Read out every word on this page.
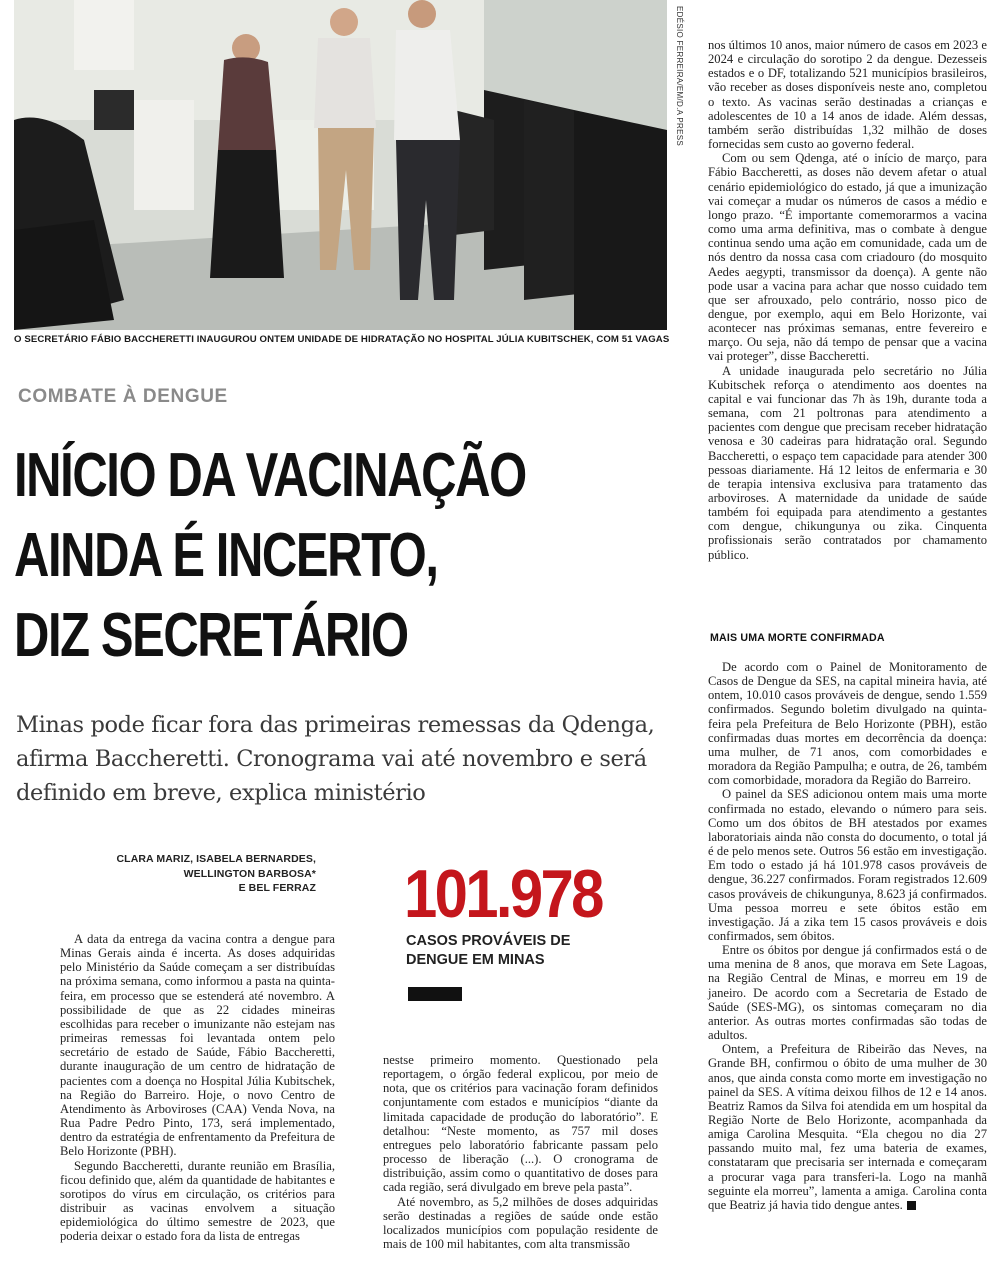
EDÉSIO FERREIRA/EM/D.A PRESS
O SECRETÁRIO FÁBIO BACCHERETTI INAUGUROU ONTEM UNIDADE DE HIDRATAÇÃO NO HOSPITAL JÚLIA KUBITSCHEK, COM 51 VAGAS
COMBATE À DENGUE
INÍCIO DA VACINAÇÃO
AINDA É INCERTO,
DIZ SECRETÁRIO
Minas pode ficar fora das primeiras remessas da Qdenga, afirma Baccheretti. Cronograma vai até novembro e será definido em breve, explica ministério
CLARA MARIZ, ISABELA BERNARDES,
WELLINGTON BARBOSA*
E BEL FERRAZ 101.978
CASOS PROVÁVEIS DE DENGUE EM MINAS

A data da entrega da vacina contra a dengue para Minas Gerais ainda é incerta. As doses adquiridas pelo Ministério da Saúde começam a ser distribuídas na próxima semana, como informou a pasta na quinta-feira, em processo que se estenderá até novembro. A possibilidade de que as 22 cidades mineiras escolhidas para receber o imunizante não estejam nas primeiras remessas foi levantada ontem pelo secretário de estado de Saúde, Fábio Baccheretti, durante inauguração de um centro de hidratação de pacientes com a doença no Hospital Júlia Kubitschek, na Região do Barreiro. Hoje, o novo Centro de Atendimento às Arboviroses (CAA) Venda Nova, na Rua Padre Pedro Pinto, 173, será implementado, dentro da estratégia de enfrentamento da Prefeitura de Belo Horizonte (PBH).

Segundo Baccheretti, durante reunião em Brasília, ficou definido que, além da quantidade de habitantes e sorotipos do vírus em circulação, os critérios para distribuir as vacinas envolvem a situação epidemiológica do último semestre de 2023, que poderia deixar o estado fora da lista de entregas

nestse primeiro momento. Questionado pela reportagem, o órgão federal explicou, por meio de nota, que os critérios para vacinação foram definidos conjuntamente com estados e municípios “diante da limitada capacidade de produção do laboratório”. E detalhou: “Neste momento, as 757 mil doses entregues pelo laboratório fabricante passam pelo processo de liberação (...). O cronograma de distribuição, assim como o quantitativo de doses para cada região, será divulgado em breve pela pasta”.

Até novembro, as 5,2 milhões de doses adquiridas serão destinadas a regiões de saúde onde estão localizados municípios com população residente de mais de 100 mil habitantes, com alta transmissão

nos últimos 10 anos, maior número de casos em 2023 e 2024 e circulação do sorotipo 2 da dengue. Dezesseis estados e o DF, totalizando 521 municípios brasileiros, vão receber as doses disponíveis neste ano, completou o texto. As vacinas serão destinadas a crianças e adolescentes de 10 a 14 anos de idade. Além dessas, também serão distribuídas 1,32 milhão de doses fornecidas sem custo ao governo federal.

Com ou sem Qdenga, até o início de março, para Fábio Baccheretti, as doses não devem afetar o atual cenário epidemiológico do estado, já que a imunização vai começar a mudar os números de casos a médio e longo prazo. “É importante comemorarmos a vacina como uma arma definitiva, mas o combate à dengue continua sendo uma ação em comunidade, cada um de nós dentro da nossa casa com criadouro (do mosquito Aedes aegypti, transmissor da doença). A gente não pode usar a vacina para achar que nosso cuidado tem que ser afrouxado, pelo contrário, nosso pico de dengue, por exemplo, aqui em Belo Horizonte, vai acontecer nas próximas semanas, entre fevereiro e março. Ou seja, não dá tempo de pensar que a vacina vai proteger”, disse Baccheretti.

A unidade inaugurada pelo secretário no Júlia Kubitschek reforça o atendimento aos doentes na capital e vai funcionar das 7h às 19h, durante toda a semana, com 21 poltronas para atendimento a pacientes com dengue que precisam receber hidratação venosa e 30 cadeiras para hidratação oral. Segundo Baccheretti, o espaço tem capacidade para atender 300 pessoas diariamente. Há 12 leitos de enfermaria e 30 de terapia intensiva exclusiva para tratamento das arboviroses. A maternidade da unidade de saúde também foi equipada para atendimento a gestantes com dengue, chikungunya ou zika. Cinquenta profissionais serão contratados por chamamento público.

MAIS UMA MORTE CONFIRMADA

De acordo com o Painel de Monitoramento de Casos de Dengue da SES, na capital mineira havia, até ontem, 10.010 casos prováveis de dengue, sendo 1.559 confirmados. Segundo boletim divulgado na quinta-feira pela Prefeitura de Belo Horizonte (PBH), estão confirmadas duas mortes em decorrência da doença: uma mulher, de 71 anos, com comorbidades e moradora da Região Pampulha; e outra, de 26, também com comorbidade, moradora da Região do Barreiro.

O painel da SES adicionou ontem mais uma morte confirmada no estado, elevando o número para seis. Como um dos óbitos de BH atestados por exames laboratoriais ainda não consta do documento, o total já é de pelo menos sete. Outros 56 estão em investigação. Em todo o estado já há 101.978 casos prováveis de dengue, 36.227 confirmados. Foram registrados 12.609 casos prováveis de chikungunya, 8.623 já confirmados. Uma pessoa morreu e sete óbitos estão em investigação. Já a zika tem 15 casos prováveis e dois confirmados, sem óbitos.

Entre os óbitos por dengue já confirmados está o de uma menina de 8 anos, que morava em Sete Lagoas, na Região Central de Minas, e morreu em 19 de janeiro. De acordo com a Secretaria de Estado de Saúde (SES-MG), os sintomas começaram no dia anterior. As outras mortes confirmadas são todas de adultos.

Ontem, a Prefeitura de Ribeirão das Neves, na Grande BH, confirmou o óbito de uma mulher de 30 anos, que ainda consta como morte em investigação no painel da SES. A vítima deixou filhos de 12 e 14 anos. Beatriz Ramos da Silva foi atendida em um hospital da Região Norte de Belo Horizonte, acompanhada da amiga Carolina Mesquita. “Ela chegou no dia 27 passando muito mal, fez uma bateria de exames, constataram que precisaria ser internada e começaram a procurar vaga para transferi-la. Logo na manhã seguinte ela morreu”, lamenta a amiga. Carolina conta que Beatriz já havia tido dengue antes.
